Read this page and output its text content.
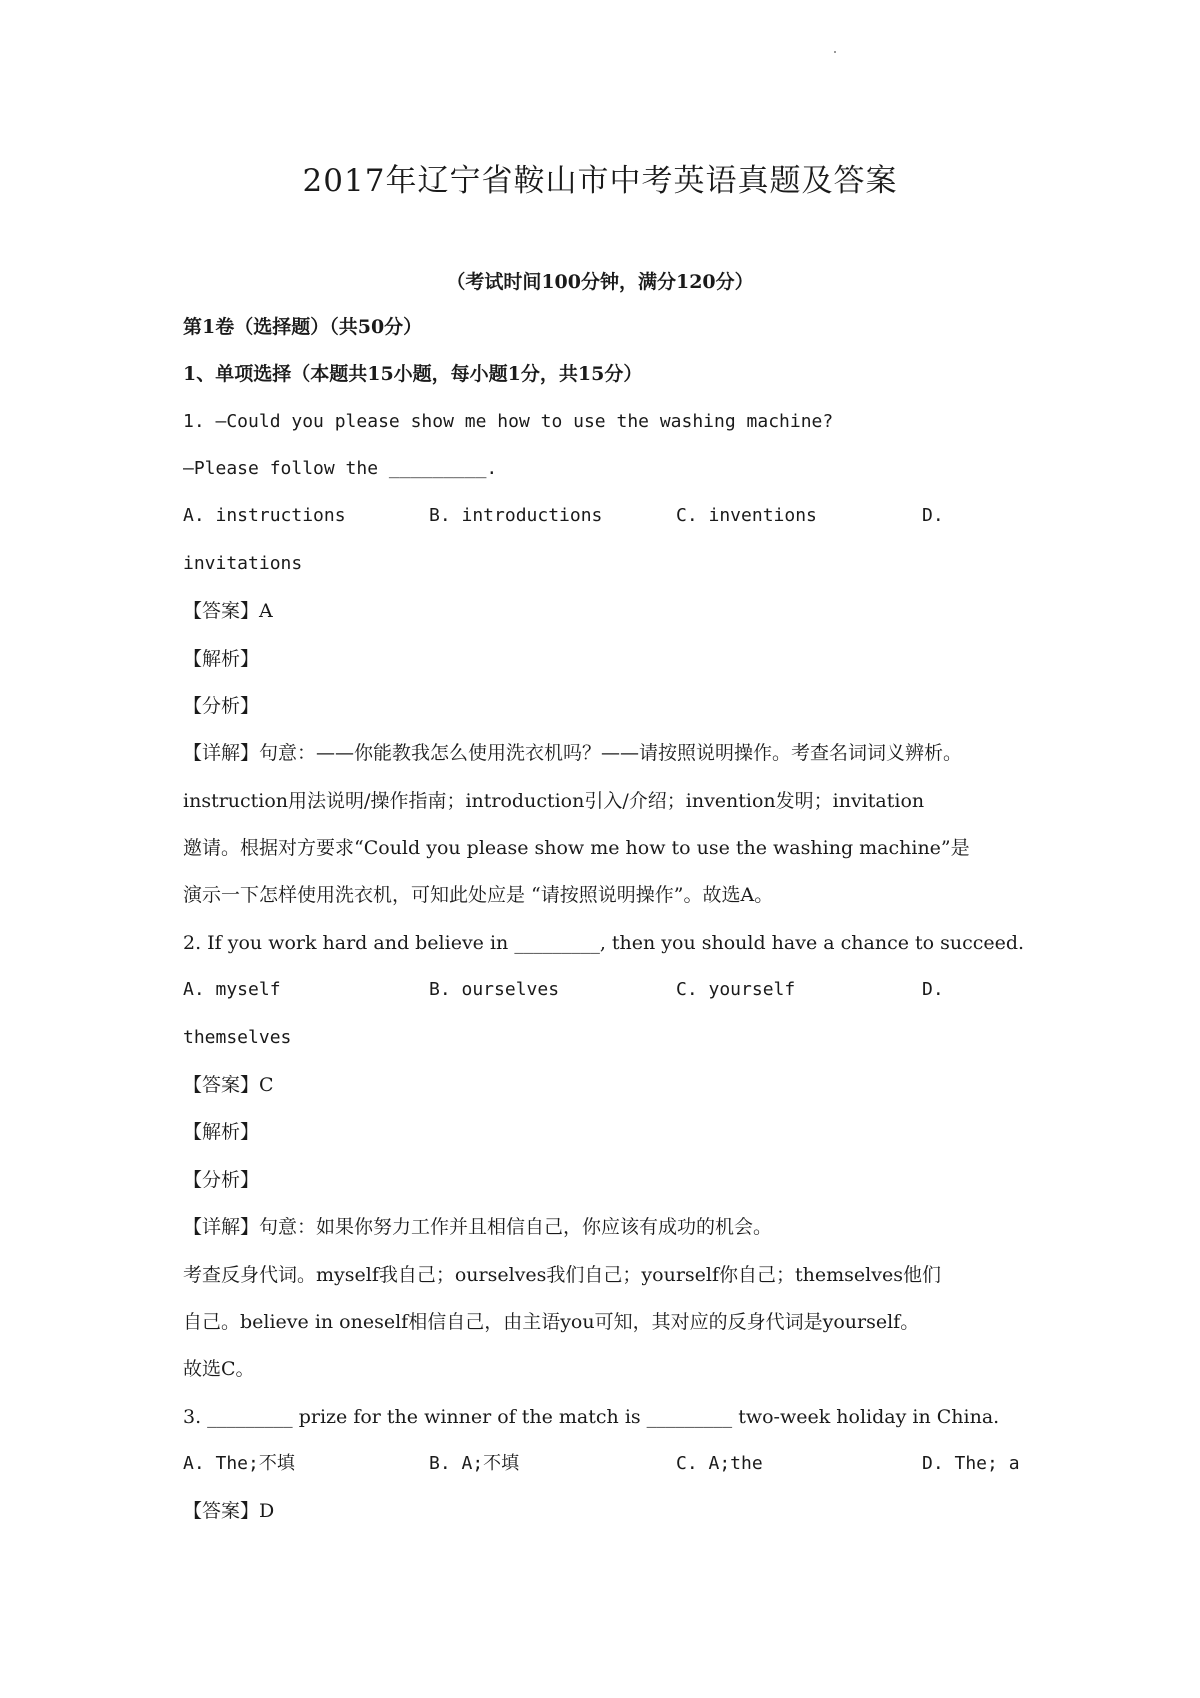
2017年辽宁省鞍山市中考英语真题及答案
（考试时间100分钟，满分120分）
第1卷（选择题）（共50分）
1、单项选择（本题共15小题，每小题1分，共15分）
1. —Could you please show me how to use the washing machine?
—Please follow the _________.
A. instructions	B. introductions	C. inventions	D.
invitations
【答案】A
【解析】
【分析】
【详解】句意：——你能教我怎么使用洗衣机吗？——请按照说明操作。考查名词词义辨析。
instruction用法说明/操作指南；introduction引入/介绍；invention发明；invitation
邀请。根据对方要求“Could you please show me how to use the washing machine”是
演示一下怎样使用洗衣机，可知此处应是 “请按照说明操作”。故选A。
2. If you work hard and believe in _________, then you should have a chance to succeed.
A. myself	B. ourselves	C. yourself	D.
themselves
【答案】C
【解析】
【分析】
【详解】句意：如果你努力工作并且相信自己，你应该有成功的机会。
考查反身代词。myself我自己；ourselves我们自己；yourself你自己；themselves他们
自己。believe in oneself相信自己，由主语you可知，其对应的反身代词是yourself。
故选C。
3. _________ prize for the winner of the match is _________ two-week holiday in China.
A. The;不填	B. A;不填	C. A;the	D. The; a
【答案】D
